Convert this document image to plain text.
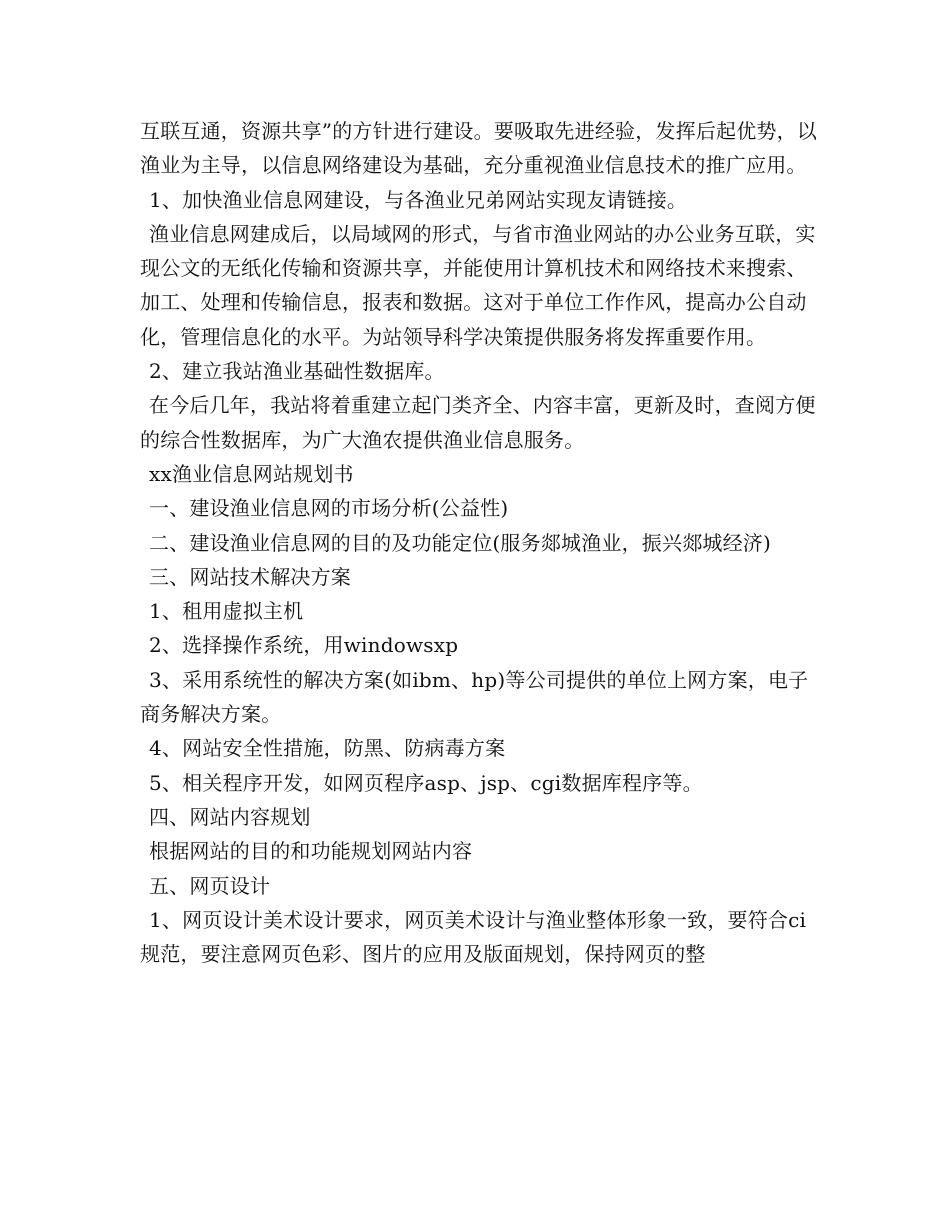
互联互通，资源共享”的方针进行建设。要吸取先进经验，发挥后起优势，以渔业为主导，以信息网络建设为基础，充分重视渔业信息技术的推广应用。

1、加快渔业信息网建设，与各渔业兄弟网站实现友请链接。

渔业信息网建成后，以局域网的形式，与省市渔业网站的办公业务互联，实现公文的无纸化传输和资源共享，并能使用计算机技术和网络技术来搜索、加工、处理和传输信息，报表和数据。这对于单位工作作风，提高办公自动化，管理信息化的水平。为站领导科学决策提供服务将发挥重要作用。

2、建立我站渔业基础性数据库。

在今后几年，我站将着重建立起门类齐全、内容丰富，更新及时，查阅方便的综合性数据库，为广大渔农提供渔业信息服务。

xx渔业信息网站规划书

一、建设渔业信息网的市场分析(公益性)

二、建设渔业信息网的目的及功能定位(服务郯城渔业，振兴郯城经济)

三、网站技术解决方案

1、租用虚拟主机

2、选择操作系统，用windowsxp

3、采用系统性的解决方案(如ibm、hp)等公司提供的单位上网方案，电子商务解决方案。

4、网站安全性措施，防黑、防病毒方案

5、相关程序开发，如网页程序asp、jsp、cgi数据库程序等。

四、网站内容规划

根据网站的目的和功能规划网站内容

五、网页设计

1、网页设计美术设计要求，网页美术设计与渔业整体形象一致，要符合ci规范，要注意网页色彩、图片的应用及版面规划，保持网页的整
